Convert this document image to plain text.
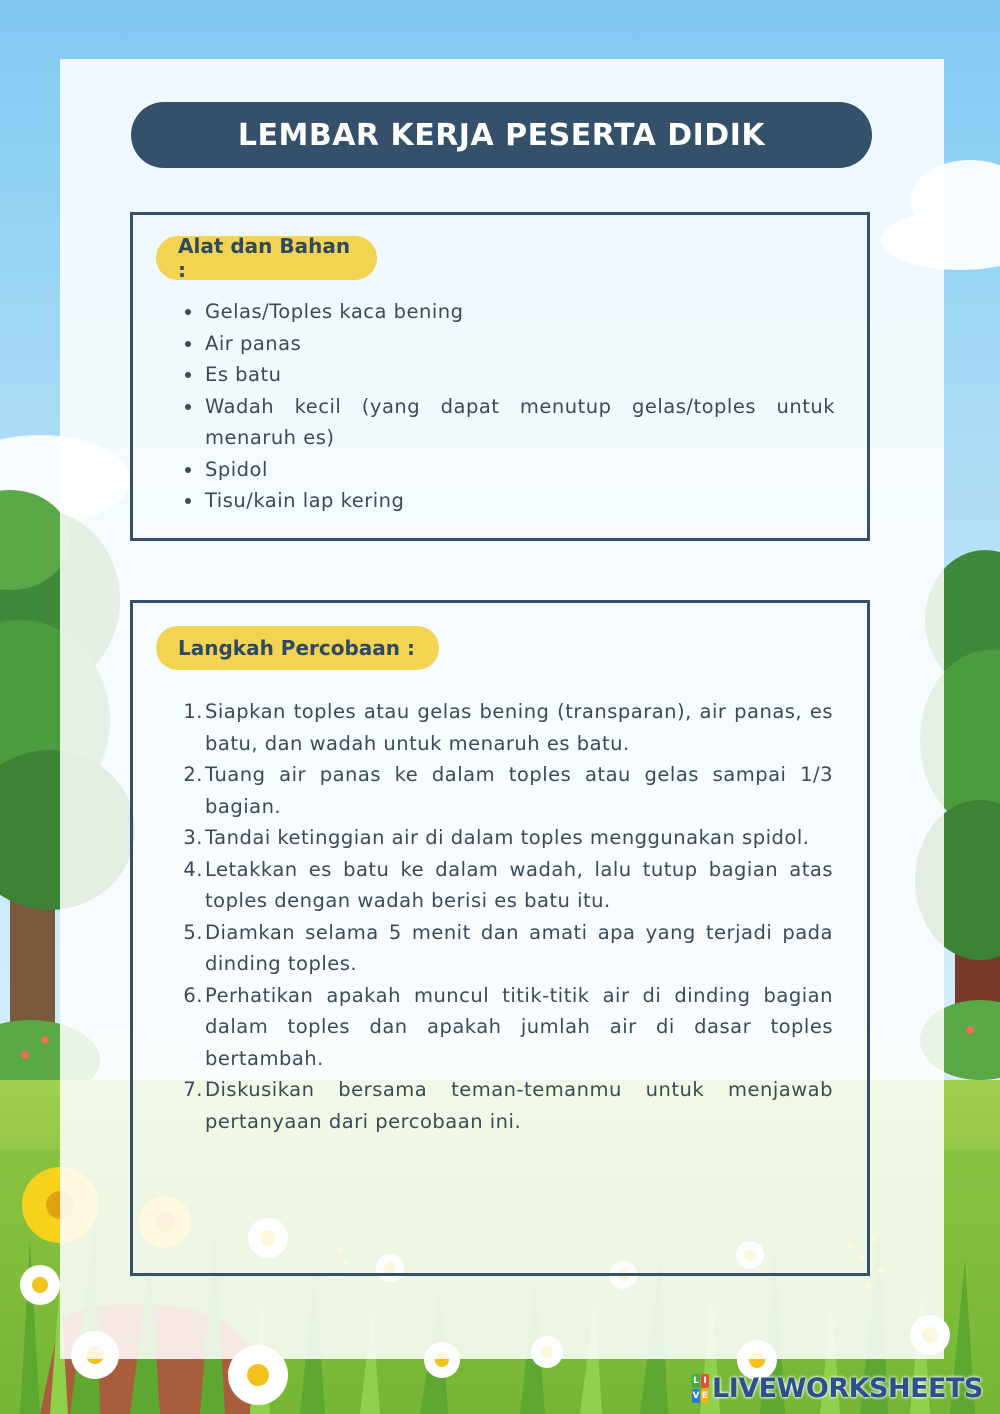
LEMBAR KERJA PESERTA DIDIK
Alat dan Bahan :
Gelas/Toples kaca bening
Air panas
Es batu
Wadah kecil (yang dapat menutup gelas/toples untuk menaruh es)
Spidol
Tisu/kain lap kering
Langkah Percobaan :
1. Siapkan toples atau gelas bening (transparan), air panas, es batu, dan wadah untuk menaruh es batu.
2. Tuang air panas ke dalam toples atau gelas sampai 1/3 bagian.
3. Tandai ketinggian air di dalam toples menggunakan spidol.
4. Letakkan es batu ke dalam wadah, lalu tutup bagian atas toples dengan wadah berisi es batu itu.
5. Diamkan selama 5 menit dan amati apa yang terjadi pada dinding toples.
6. Perhatikan apakah muncul titik-titik air di dinding bagian dalam toples dan apakah jumlah air di dasar toples bertambah.
7. Diskusikan bersama teman-temanmu untuk menjawab pertanyaan dari percobaan ini.
L I
V E LIVEWORKSHEETS
